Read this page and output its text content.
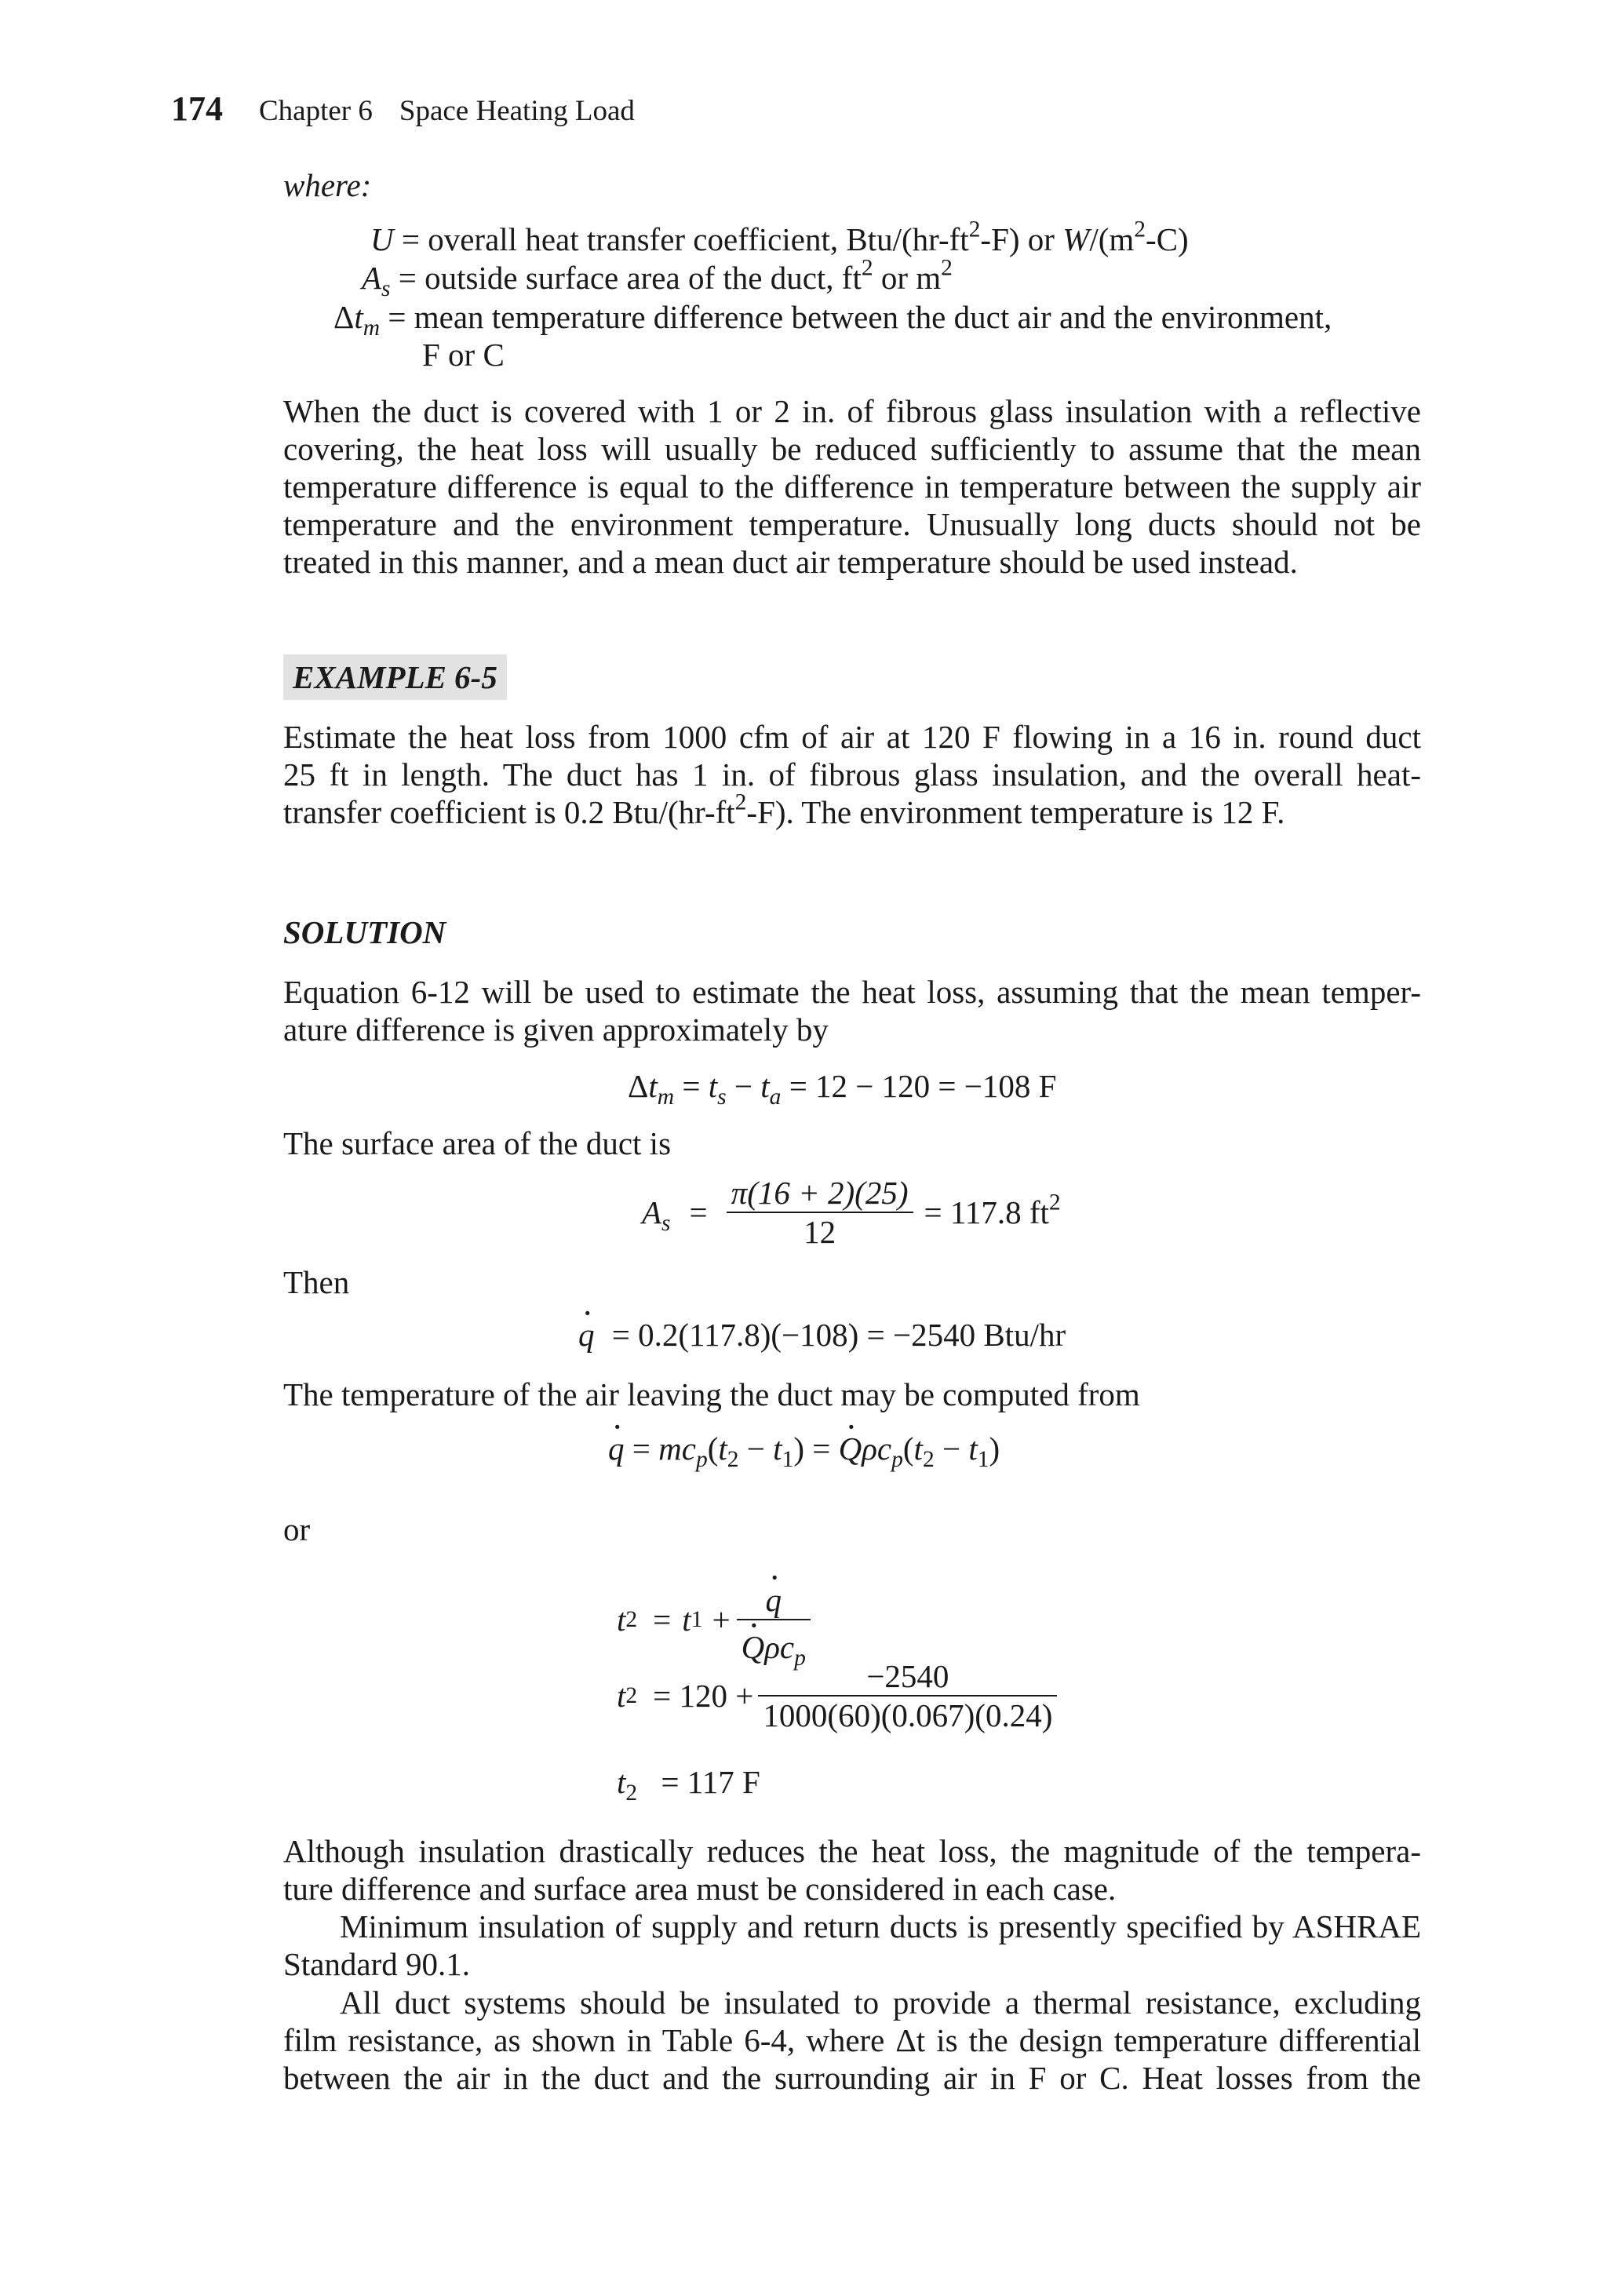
174 Chapter 6 Space Heating Load
where:
U = overall heat transfer coefficient, Btu/$(hr-ft^2-F)$ or $W/(m^2-C)$
$A_s$ = outside surface area of the duct, $ft^2$ or $m^2$
$\Delta t_m$ = mean temperature difference between the duct air and the environment,
F or C
When the duct is covered with 1 or 2 in. of fibrous glass insulation with a reflective
covering, the heat loss will usually be reduced sufficiently to assume that the mean
temperature difference is equal to the difference in temperature between the supply air
temperature and the environment temperature. Unusually long ducts should not be
treated in this manner, and a mean duct air temperature should be used instead.
EXAMPLE 6-5
Estimate the heat loss from 1000 cfm of air at 120 F flowing in a 16 in. round duct
25 ft in length. The duct has 1 in. of fibrous glass insulation, and the overall heat-
transfer coefficient is 0.2 Btu/$(hr-ft^2-F)$. The environment temperature is 12 F.
SOLUTION
Equation 6-12 will be used to estimate the heat loss, assuming that the mean temper-
ature difference is given approximately by
$\Delta t_m = t_s - t_a = 12 - 120 = -108$ F
The surface area of the duct is
$A_s = \frac{\pi(16 + 2)(25)}{12} = 117.8$ $ft^2$
Then
· q = 0.2(117.8)(−108) = −2540 Btu/hr
The temperature of the air leaving the duct may be computed from
· $q = mc_p(t_2 - t_1)$ = · $Q\rho c_p(t_2 - t_1)$
or
t 2 = t 1 +
· q
· Qρc$_p$
t $2 = 120 + \frac{-2540}{1000(60)(0.067)(0.24)}$
$t_2 = 117$ F
Although insulation drastically reduces the heat loss, the magnitude of the tempera-
ture difference and surface area must be considered in each case.
Minimum insulation of supply and return ducts is presently specified by ASHRAE
Standard 90.1.
All duct systems should be insulated to provide a thermal resistance, excluding
film resistance, as shown in Table 6-4, where Δt is the design temperature differential
between the air in the duct and the surrounding air in F or C. Heat losses from the
